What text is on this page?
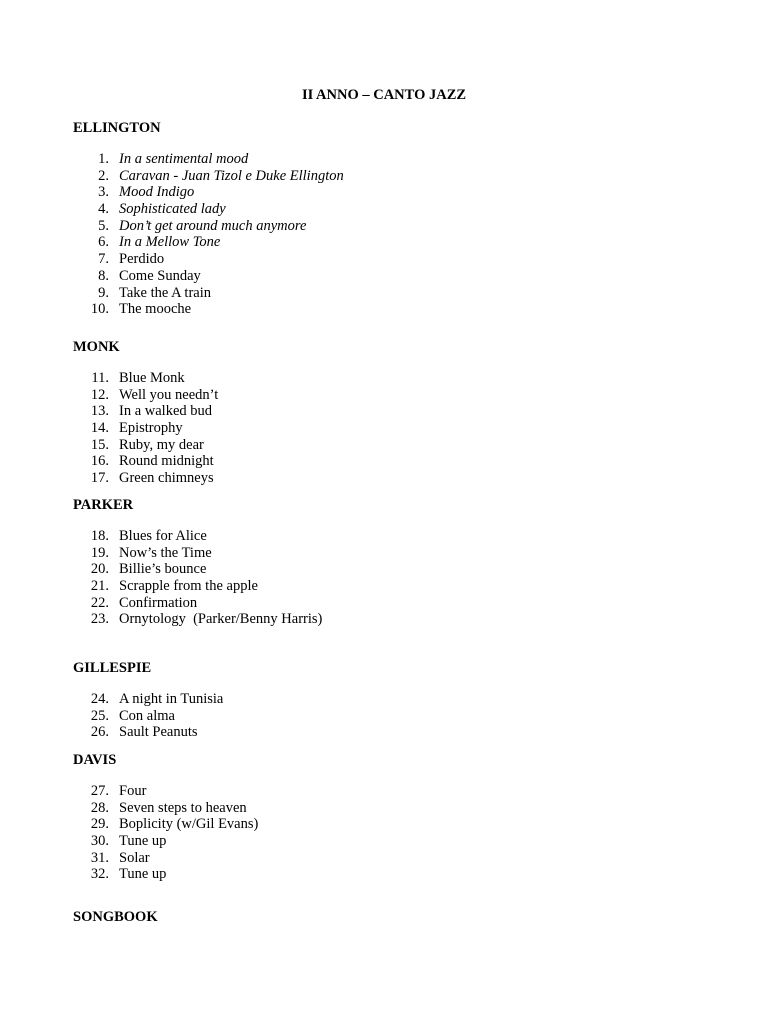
II ANNO – CANTO JAZZ
ELLINGTON
1. In a sentimental mood
2. Caravan - Juan Tizol e Duke Ellington
3. Mood Indigo
4. Sophisticated lady
5. Don’t get around much anymore
6. In a Mellow Tone
7. Perdido
8. Come Sunday
9. Take the A train
10. The mooche
MONK
11. Blue Monk
12. Well you needn’t
13. In a walked bud
14. Epistrophy
15. Ruby, my dear
16. Round midnight
17. Green chimneys
PARKER
18. Blues for Alice
19. Now’s the Time
20. Billie’s bounce
21. Scrapple from the apple
22. Confirmation
23. Ornytology  (Parker/Benny Harris)
GILLESPIE
24. A night in Tunisia
25. Con alma
26. Sault Peanuts
DAVIS
27. Four
28. Seven steps to heaven
29. Boplicity (w/Gil Evans)
30. Tune up
31. Solar
32. Tune up
SONGBOOK
